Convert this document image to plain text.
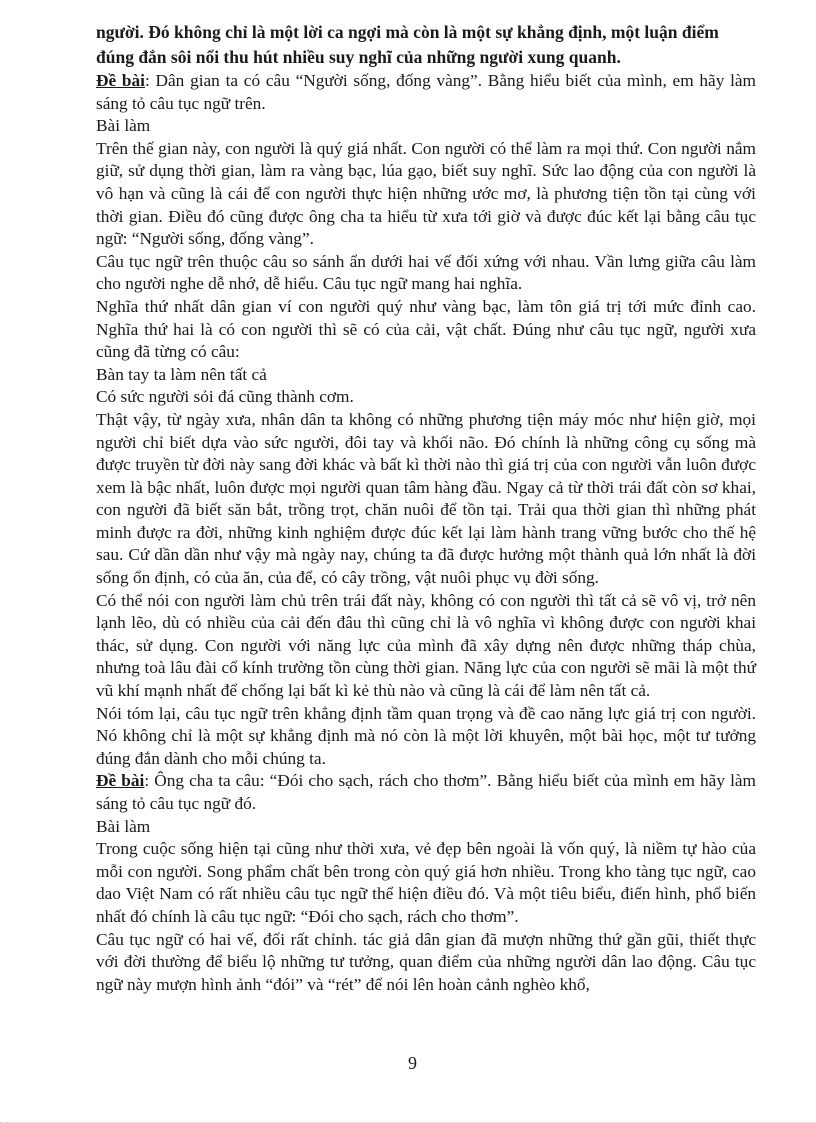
người. Đó không chỉ là một lời ca ngợi mà còn là một sự khẳng định, một luận điểm đúng đắn sôi nổi thu hút nhiều suy nghĩ của những người xung quanh.
Đề bài: Dân gian ta có câu “Người sống, đống vàng”. Bằng hiểu biết của mình, em hãy làm sáng tỏ câu tục ngữ trên.
Bài làm
Trên thế gian này, con người là quý giá nhất. Con người có thể làm ra mọi thứ. Con người nắm giữ, sử dụng thời gian, làm ra vàng bạc, lúa gạo, biết suy nghĩ. Sức lao động của con người là vô hạn và cũng là cái để con người thực hiện những ước mơ, là phương tiện tồn tại cùng với thời gian. Điều đó cũng được ông cha ta hiểu từ xưa tới giờ và được đúc kết lại bằng câu tục ngữ: “Người sống, đống vàng”.
Câu tục ngữ trên thuộc câu so sánh ẩn dưới hai vế đối xứng với nhau. Vần lưng giữa câu làm cho người nghe dễ nhớ, dễ hiểu. Câu tục ngữ mang hai nghĩa.
Nghĩa thứ nhất dân gian ví con người quý như vàng bạc, làm tôn giá trị tới mức đỉnh cao. Nghĩa thứ hai là có con người thì sẽ có của cải, vật chất. Đúng như câu tục ngữ, người xưa cũng đã từng có câu:
Bàn tay ta làm nên tất cả
Có sức người sỏi đá cũng thành cơm.
Thật vậy, từ ngày xưa, nhân dân ta không có những phương tiện máy móc như hiện giờ, mọi người chỉ biết dựa vào sức người, đôi tay và khối não. Đó chính là những công cụ sống mà được truyền từ đời này sang đời khác và bất kì thời nào thì giá trị của con người vẫn luôn được xem là bậc nhất, luôn được mọi người quan tâm hàng đầu. Ngay cả từ thời trái đất còn sơ khai, con người đã biết săn bắt, trồng trọt, chăn nuôi để tồn tại. Trải qua thời gian thì những phát minh được ra đời, những kinh nghiệm được đúc kết lại làm hành trang vững bước cho thế hệ sau. Cứ dần dần như vậy mà ngày nay, chúng ta đã được hưởng một thành quả lớn nhất là đời sống ổn định, có của ăn, của để, có cây trồng, vật nuôi phục vụ đời sống.
Có thể nói con người làm chủ trên trái đất này, không có con người thì tất cả sẽ vô vị, trở nên lạnh lẽo, dù có nhiều của cải đến đâu thì cũng chỉ là vô nghĩa vì không được con người khai thác, sử dụng. Con người với năng lực của mình đã xây dựng nên được những tháp chùa, nhưng toà lâu đài cổ kính trường tồn cùng thời gian. Năng lực của con người sẽ mãi là một thứ vũ khí mạnh nhất để chống lại bất kì kẻ thù nào và cũng là cái để làm nên tất cả.
Nói tóm lại, câu tục ngữ trên khẳng định tầm quan trọng và đề cao năng lực giá trị con người. Nó không chỉ là một sự khẳng định mà nó còn là một lời khuyên, một bài học, một tư tưởng đúng đắn dành cho mỗi chúng ta.
Đề bài: Ông cha ta câu: “Đói cho sạch, rách cho thơm”. Bằng hiểu biết của mình em hãy làm sáng tỏ câu tục ngữ đó.
Bài làm
Trong cuộc sống hiện tại cũng như thời xưa, vẻ đẹp bên ngoài là vốn quý, là niềm tự hào của mỗi con người. Song phẩm chất bên trong còn quý giá hơn nhiều. Trong kho tàng tục ngữ, cao dao Việt Nam có rất nhiều câu tục ngữ thể hiện điều đó. Và một tiêu biểu, điển hình, phổ biến nhất đó chính là câu tục ngữ: “Đói cho sạch, rách cho thơm”.
Câu tục ngữ có hai vế, đối rất chỉnh. tác giả dân gian đã mượn những thứ gần gũi, thiết thực với đời thường để biểu lộ những tư tưởng, quan điểm của những người dân lao động. Câu tục ngữ này mượn hình ảnh “đói” và “rét” để nói lên hoàn cảnh nghèo khổ,
9
